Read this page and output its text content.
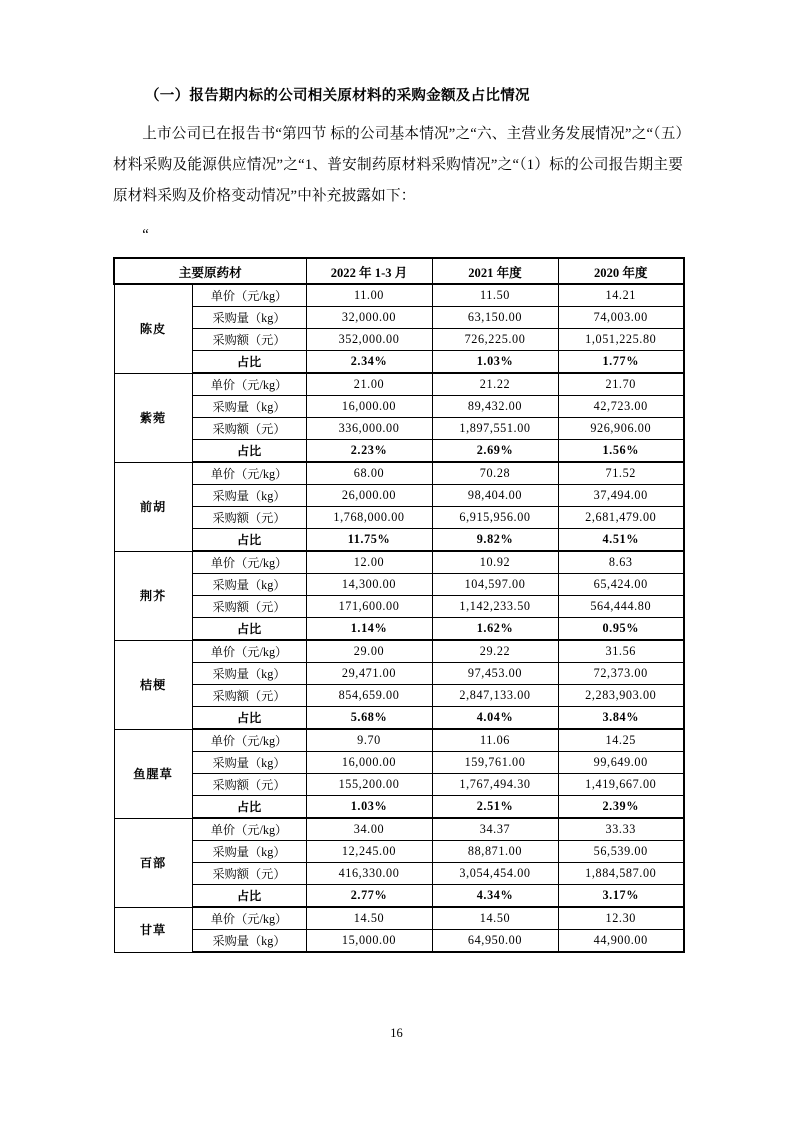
（一）报告期内标的公司相关原材料的采购金额及占比情况

上市公司已在报告书“第四节 标的公司基本情况”之“六、主营业务发展情况”之“（五）材料采购及能源供应情况”之“1、普安制药原材料采购情况”之“（1）标的公司报告期主要原材料采购及价格变动情况”中补充披露如下：

“
主要原药材		2022 年 1-3 月	2021 年度	2020 年度
陈皮	单价（元/kg）	11.00	11.50	14.21
	采购量（kg）	32,000.00	63,150.00	74,003.00
	采购额（元）	352,000.00	726,225.00	1,051,225.80
	占比	2.34%	1.03%	1.77%
紫菀	单价（元/kg）	21.00	21.22	21.70
	采购量（kg）	16,000.00	89,432.00	42,723.00
	采购额（元）	336,000.00	1,897,551.00	926,906.00
	占比	2.23%	2.69%	1.56%
前胡	单价（元/kg）	68.00	70.28	71.52
	采购量（kg）	26,000.00	98,404.00	37,494.00
	采购额（元）	1,768,000.00	6,915,956.00	2,681,479.00
	占比	11.75%	9.82%	4.51%
荆芥	单价（元/kg）	12.00	10.92	8.63
	采购量（kg）	14,300.00	104,597.00	65,424.00
	采购额（元）	171,600.00	1,142,233.50	564,444.80
	占比	1.14%	1.62%	0.95%
桔梗	单价（元/kg）	29.00	29.22	31.56
	采购量（kg）	29,471.00	97,453.00	72,373.00
	采购额（元）	854,659.00	2,847,133.00	2,283,903.00
	占比	5.68%	4.04%	3.84%
鱼腥草	单价（元/kg）	9.70	11.06	14.25
	采购量（kg）	16,000.00	159,761.00	99,649.00
	采购额（元）	155,200.00	1,767,494.30	1,419,667.00
	占比	1.03%	2.51%	2.39%
百部	单价（元/kg）	34.00	34.37	33.33
	采购量（kg）	12,245.00	88,871.00	56,539.00
	采购额（元）	416,330.00	3,054,454.00	1,884,587.00
	占比	2.77%	4.34%	3.17%
甘草	单价（元/kg）	14.50	14.50	12.30
	采购量（kg）	15,000.00	64,950.00	44,900.00
16
